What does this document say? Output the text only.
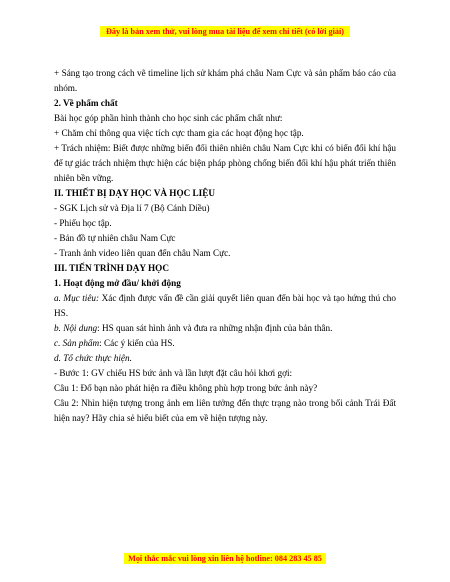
Đây là bản xem thử, vui lòng mua tài liệu để xem chi tiết (có lời giải)

+ Sáng tạo trong cách vẽ timeline lịch sử khám phá châu Nam Cực và sản phẩm báo cáo của nhóm.

2. Về phẩm chất

Bài học góp phần hình thành cho học sinh các phẩm chất như:

+ Chăm chỉ thông qua việc tích cực tham gia các hoạt động học tập.

+ Trách nhiệm: Biết được những biến đổi thiên nhiên châu Nam Cực khi có biến đổi khí hậu để tự giác trách nhiệm thực hiện các biện pháp phòng chống biến đổi khí hậu phát triển thiên nhiên bền vững.

II. THIẾT BỊ DẠY HỌC VÀ HỌC LIỆU

- SGK Lịch sử và Địa lí 7 (Bộ Cánh Diều)

- Phiếu học tập.

- Bản đồ tự nhiên châu Nam Cực

- Tranh ảnh video liên quan đến châu Nam Cực.

III. TIẾN TRÌNH DẠY HỌC

1. Hoạt động mở đầu/ khởi động

a. Mục tiêu: Xác định được vấn đề cần giải quyết liên quan đến bài học và tạo hứng thú cho HS.

b. Nội dung: HS quan sát hình ảnh và đưa ra những nhận định của bản thân.

c. Sản phẩm: Các ý kiến của HS.

d. Tổ chức thực hiện.

- Bước 1: GV chiếu HS bức ảnh và lần lượt đặt câu hỏi khơi gợi:

Câu 1: Đố bạn nào phát hiện ra điều không phù hợp trong bức ảnh này?

Câu 2: Nhìn hiện tượng trong ảnh em liên tưởng đến thực trạng nào trong bối cảnh Trái Đất hiện nay? Hãy chia sẻ hiểu biết của em về hiện tượng này.

Mọi thắc mắc vui lòng xin liên hệ hotline: 084 283 45 85
